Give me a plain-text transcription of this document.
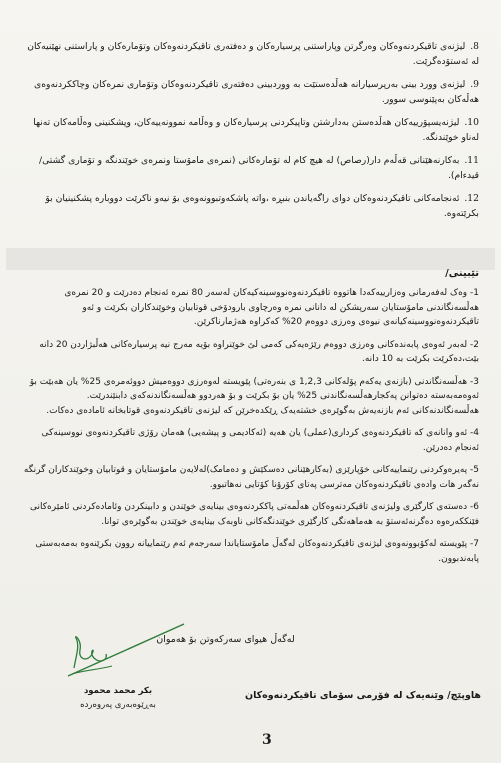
8. لیژنەی تاقیکردنەوەکان وەرگرتن وپاراستنی پرسیارەکان و دەفتەری تاقیکردنەوەکان وتۆمارەکان و پاراستنی نهێنیەکان لە ئەستۆدەگرێت.
9. لیژنەی وورد بینی بەرپرسیارانە هەڵدەستێت بە ووردبینی دەفتەری تاقیکردنەوەکان وتۆماری نمرەکان وچاککردنەوەی هەڵەکان بەپێنوسی سوور.
10. لیژنەیسپۆرییەکان هەڵدەستن بەدارشتن وتاپیکردنی پرسیارەکان و وەڵامە نموونەییەکان، وپشکنینی وەڵامەکان تەنها لەناو خوێندنگە.
11. بەکارنەهێنانی قەڵەم دار(رصاص) لە هیچ کام لە تۆمارەکانی (نمرەی مامۆستا ونمرەی خوێندنگە و تۆماری گشتی/قيدءام).
12. ئەنجامەکانی تاقیکردنەوەکان دوای راگەیاندن بنبڕە ،واتە پاشکەوتبوونەوەی بۆ نیەو ناکرێت دووبارە پشکنینیان بۆ بکرێتەوە.
تێبینی/
1- وەک لەفەرمانی وەزارییەکەدا هاتووە تاقیکردنەوەنووسینەکیەکان لەسەر 80 نمرە ئەنجام دەدرێت و 20 نمرەی هەڵسەنگاندنی مامۆستایان سەرپشکن لە دانانی نمرە وەرچاوی بارودۆخی قوتابیان وخوێندکاران بکرێت و ئەو تاقیکردنەوەنووسینەکیانەی نیوەی وەرزی دووەم 20% کەکراوە هەژمارناکرێن.
2- لەبەر ئەوەی پابەندەکانی وەرزی دووەم رێژەیەکی کەمی لێ خوێنراوە بۆیە مەرج نیە پرسیارەکانی هەڵبژاردن 20 دانە بێت،دەکرێت بکرێت بە 10 دانە.
3- هەڵسەنگاندنی (بازنەی یەکەم پۆلەکانی 1,2,3 ی بنەرەتی) پێویستە لەوەرزی دووەمیش دووئەمرەی 25% یان هەبێت بۆ ئەوەمەبەستە دەتوانن پەکجارهەڵسەنگاندنی 25% یان بۆ بکرێت و بۆ هەردوو هەڵسەنگاندنەکەی دابنێندرێت. هەڵسەنگاندنەکانی ئەم بازنەیەش بەگوێرەی خشتەیەک ڕێکدەخرێن کە لیژنەی تاقیکردنەوەی قوتابخانە ئامادەی دەکات.
4- ئەو وانانەی کە تاقیکردنەوەی کرداری(عملی) یان هەیە (ئەکادیمی و پیشەیی) هەمان رۆژی تاقیکردنەوەی نووسینەکی ئەنجام دەدرێن.
5- پەیرەوکردنی رێنماییەکانی خۆپارێزی (بەکارهێنانی دەسکێش و دەمامک)لەلایەن مامۆستایان و قوتابیان وخوێندکاران گرنگە نەگەر هات وادەی تاقیکردنەوەکان مەترسی پەتای کۆرۆنا کۆتایی نەهاتبوو.
6- دەستەی کارگێری ولیژنەی تاقیکردنەوەکان هەڵمەتی پاککردنەوەی بینایەی خوێندن و دابینکردن وئامادەکردنی ئامێرەکانی فێنککەرەوە دەگرنەئەستۆ بە هەماهەنگی کارگێری خوێندنگەکانی ناوبەک بینایەی خوێندن بەگوێرەی توانا.
7- پێویستە لەکۆبوونەوەی لیژنەی تاقیکردنەوەکان لەگەڵ مامۆستایاندا سەرجەم ئەم رێنماییانە روون بکرێنەوە بەمەبەستی پابەندبوون.
لەگەڵ هیوای سەرکەوتن بۆ هەموان
بکر محمد محمود
بەڕێوەبەری پەروەردە
هاوپێچ/ وێنەیەک لە فۆرمی سۆمای تاقیکردنەوەکان
3
